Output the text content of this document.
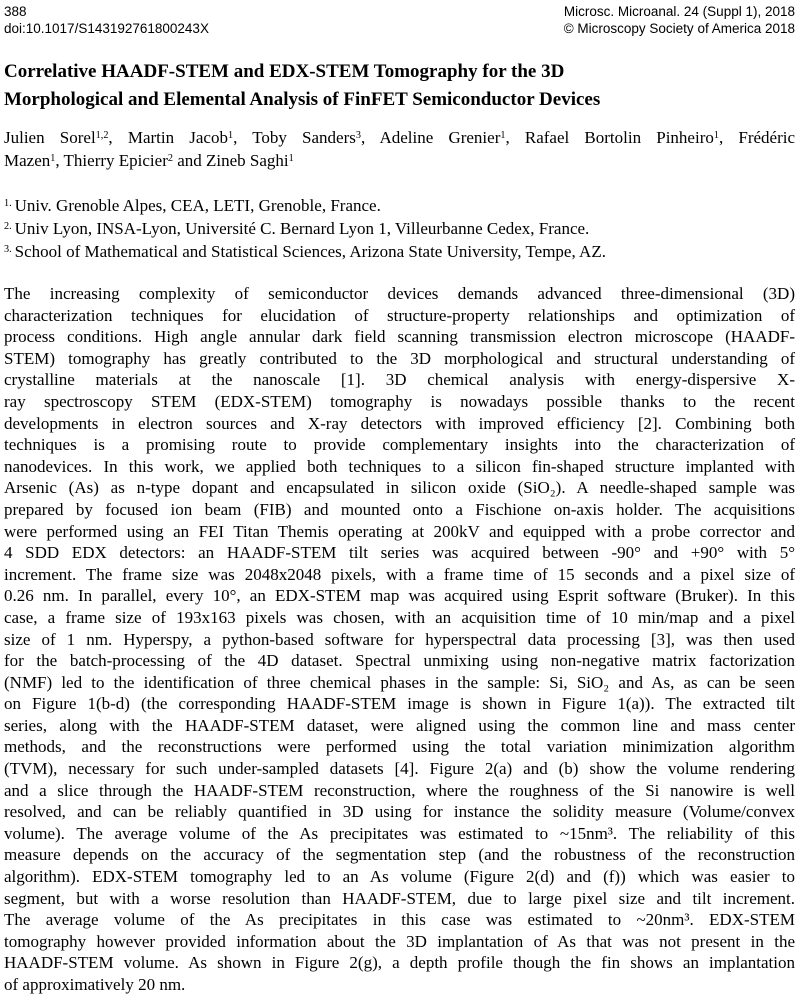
388
doi:10.1017/S143192761800243X
Microsc. Microanal. 24 (Suppl 1), 2018
© Microscopy Society of America 2018
Correlative HAADF-STEM and EDX-STEM Tomography for the 3D
Morphological and Elemental Analysis of FinFET Semiconductor Devices
Julien Sorel$^{1,2}$, Martin Jacob$^1$, Toby Sanders$^3$, Adeline Grenier$^1$, Rafael Bortolin Pinheiro$^1$, Frédéric
Mazen$^1$, Thierry Epicier$^2$ and Zineb Saghi$^1$
$^{1.}$ Univ. Grenoble Alpes, CEA, LETI, Grenoble, France.
$^{2.}$ Univ Lyon, INSA-Lyon, Université C. Bernard Lyon 1, Villeurbanne Cedex, France.
$^{3.}$ School of Mathematical and Statistical Sciences, Arizona State University, Tempe, AZ.
The increasing complexity of semiconductor devices demands advanced three-dimensional (3D)
characterization techniques for elucidation of structure-property relationships and optimization of
process conditions. High angle annular dark field scanning transmission electron microscope (HAADF-
STEM) tomography has greatly contributed to the 3D morphological and structural understanding of
crystalline materials at the nanoscale [1]. 3D chemical analysis with energy-dispersive X-
ray spectroscopy STEM (EDX-STEM) tomography is nowadays possible thanks to the recent
developments in electron sources and X-ray detectors with improved efficiency [2]. Combining both
techniques is a promising route to provide complementary insights into the characterization of
nanodevices. In this work, we applied both techniques to a silicon fin-shaped structure implanted with
Arsenic (As) as n-type dopant and encapsulated in silicon oxide (SiO₂). A needle-shaped sample was
prepared by focused ion beam (FIB) and mounted onto a Fischione on-axis holder. The acquisitions
were performed using an FEI Titan Themis operating at 200kV and equipped with a probe corrector and
4 SDD EDX detectors: an HAADF-STEM tilt series was acquired between -90° and +90° with 5°
increment. The frame size was 2048x2048 pixels, with a frame time of 15 seconds and a pixel size of
0.26 nm. In parallel, every 10°, an EDX-STEM map was acquired using Esprit software (Bruker). In this
case, a frame size of 193x163 pixels was chosen, with an acquisition time of 10 min/map and a pixel
size of 1 nm. Hyperspy, a python-based software for hyperspectral data processing [3], was then used
for the batch-processing of the 4D dataset. Spectral unmixing using non-negative matrix factorization
(NMF) led to the identification of three chemical phases in the sample: Si, SiO₂ and As, as can be seen
on Figure 1(b-d) (the corresponding HAADF-STEM image is shown in Figure 1(a)). The extracted tilt
series, along with the HAADF-STEM dataset, were aligned using the common line and mass center
methods, and the reconstructions were performed using the total variation minimization algorithm
(TVM), necessary for such under-sampled datasets [4]. Figure 2(a) and (b) show the volume rendering
and a slice through the HAADF-STEM reconstruction, where the roughness of the Si nanowire is well
resolved, and can be reliably quantified in 3D using for instance the solidity measure (Volume/convex
volume). The average volume of the As precipitates was estimated to ~15nm³. The reliability of this
measure depends on the accuracy of the segmentation step (and the robustness of the reconstruction
algorithm). EDX-STEM tomography led to an As volume (Figure 2(d) and (f)) which was easier to
segment, but with a worse resolution than HAADF-STEM, due to large pixel size and tilt increment.
The average volume of the As precipitates in this case was estimated to ~20nm³. EDX-STEM
tomography however provided information about the 3D implantation of As that was not present in the
HAADF-STEM volume. As shown in Figure 2(g), a depth profile though the fin shows an implantation
of approximatively 20 nm.
